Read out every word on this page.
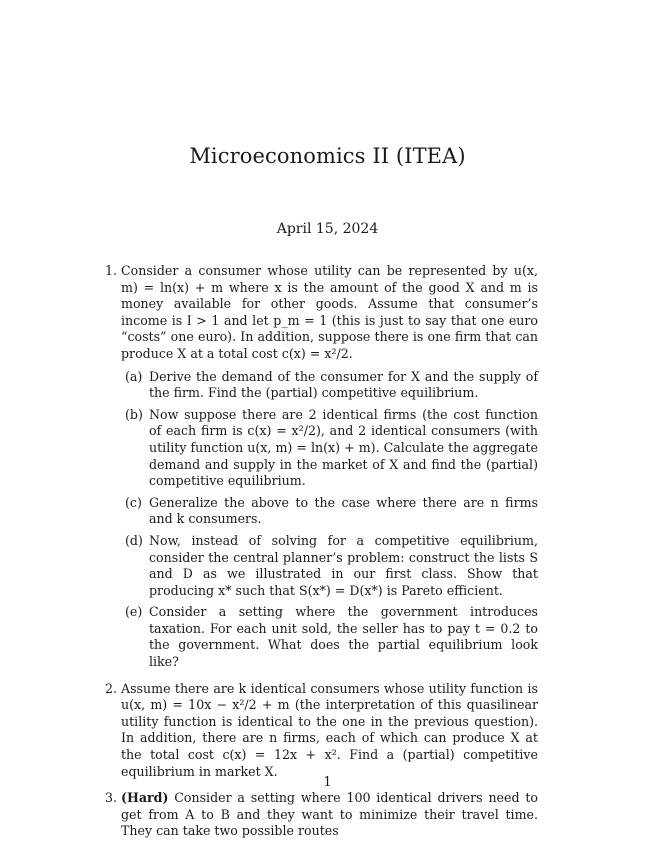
Microeconomics II (ITEA)
April 15, 2024
1. Consider a consumer whose utility can be represented by u(x, m) = ln(x) + m where x is the amount of the good X and m is money available for other goods. Assume that consumer’s income is I > 1 and let p_m = 1 (this is just to say that one euro “costs” one euro). In addition, suppose there is one firm that can produce X at a total cost c(x) = x²/2.
(a) Derive the demand of the consumer for X and the supply of the firm. Find the (partial) competitive equilibrium.
(b) Now suppose there are 2 identical firms (the cost function of each firm is c(x) = x²/2), and 2 identical consumers (with utility function u(x, m) = ln(x) + m). Calculate the aggregate demand and supply in the market of X and find the (partial) competitive equilibrium.
(c) Generalize the above to the case where there are n firms and k consumers.
(d) Now, instead of solving for a competitive equilibrium, consider the central planner’s problem: construct the lists S and D as we illustrated in our first class. Show that producing x* such that S(x*) = D(x*) is Pareto efficient.
(e) Consider a setting where the government introduces taxation. For each unit sold, the seller has to pay t = 0.2 to the government. What does the partial equilibrium look like?
2. Assume there are k identical consumers whose utility function is u(x, m) = 10x − x²/2 + m (the interpretation of this quasilinear utility function is identical to the one in the previous question). In addition, there are n firms, each of which can produce X at the total cost c(x) = 12x + x². Find a (partial) competitive equilibrium in market X.
3. (Hard) Consider a setting where 100 identical drivers need to get from A to B and they want to minimize their travel time. They can take two possible routes
1
